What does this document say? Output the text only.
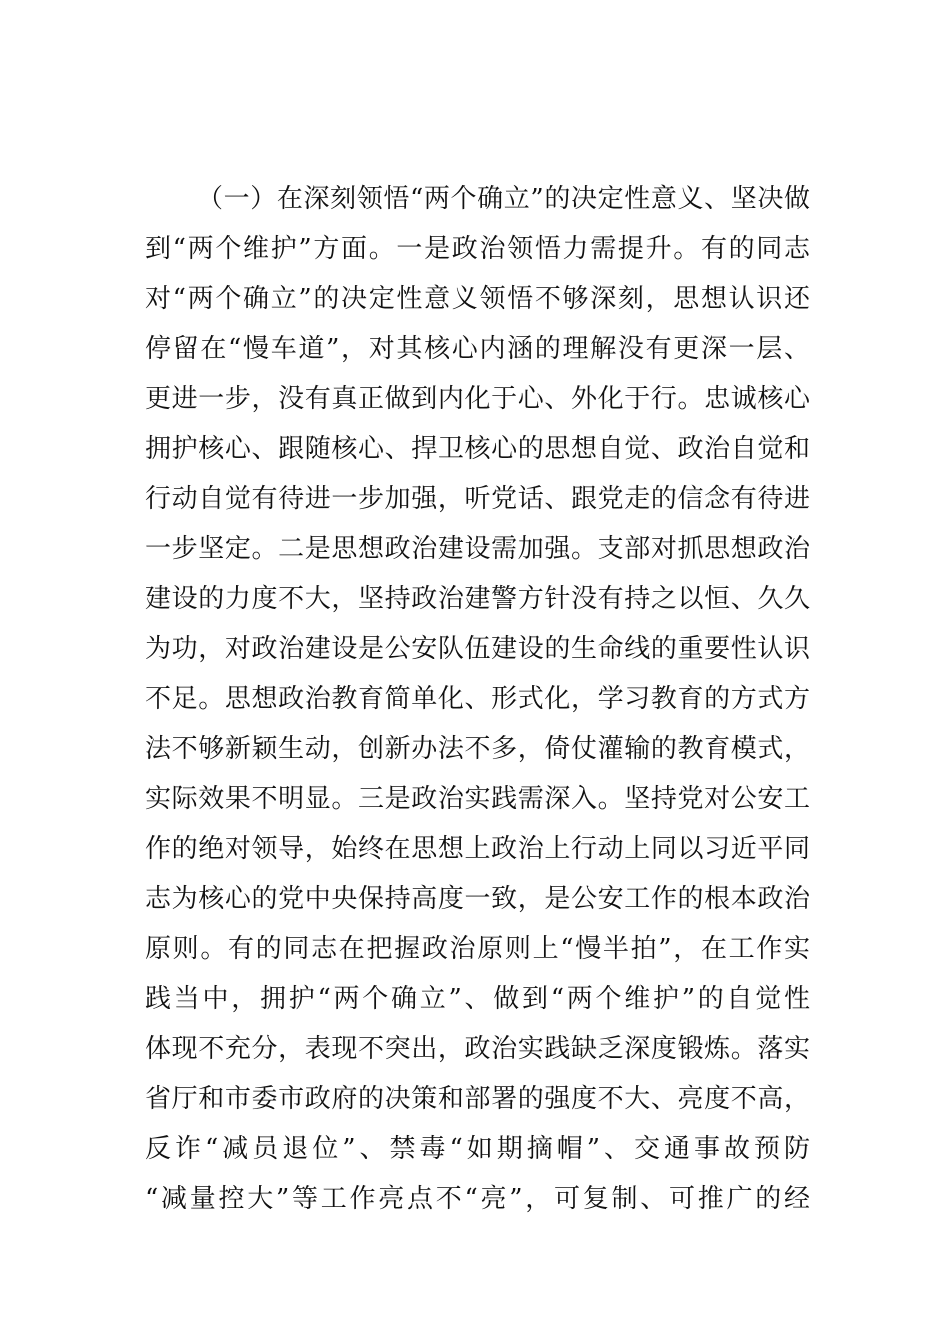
（一）在深刻领悟“两个确立”的决定性意义、坚决做
到“两个维护”方面。一是政治领悟力需提升。有的同志
对“两个确立”的决定性意义领悟不够深刻，思想认识还
停留在“慢车道”，对其核心内涵的理解没有更深一层、
更进一步，没有真正做到内化于心、外化于行。忠诚核心
拥护核心、跟随核心、捍卫核心的思想自觉、政治自觉和
行动自觉有待进一步加强，听党话、跟党走的信念有待进
一步坚定。二是思想政治建设需加强。支部对抓思想政治
建设的力度不大，坚持政治建警方针没有持之以恒、久久
为功，对政治建设是公安队伍建设的生命线的重要性认识
不足。思想政治教育简单化、形式化，学习教育的方式方
法不够新颖生动，创新办法不多，倚仗灌输的教育模式，
实际效果不明显。三是政治实践需深入。坚持党对公安工
作的绝对领导，始终在思想上政治上行动上同以习近平同
志为核心的党中央保持高度一致，是公安工作的根本政治
原则。有的同志在把握政治原则上“慢半拍”，在工作实
践当中，拥护“两个确立”、做到“两个维护”的自觉性
体现不充分，表现不突出，政治实践缺乏深度锻炼。落实
省厅和市委市政府的决策和部署的强度不大、亮度不高，
反诈“减员退位”、禁毒“如期摘帽”、交通事故预防
“减量控大”等工作亮点不“亮”，可复制、可推广的经
